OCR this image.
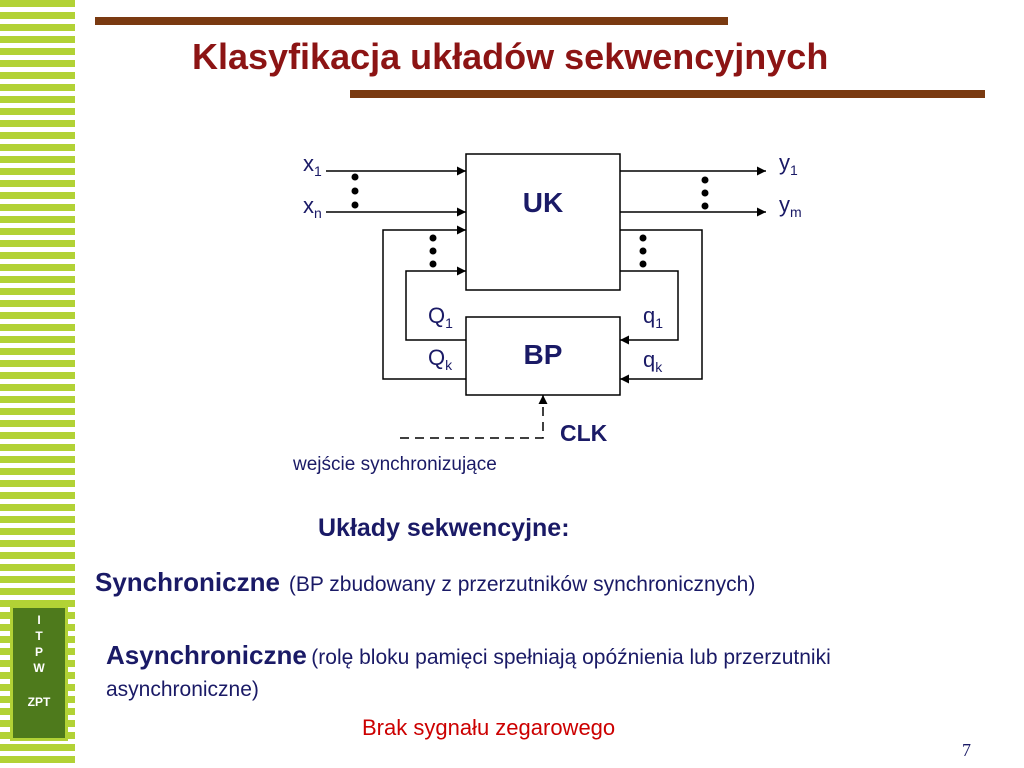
I
T
P
W
ZPT
Klasyfikacja układów sekwencyjnych
UK
BP
CLK
wejście synchronizujące
$x_1$
$x_n$
$y_1$
$y_m$
$Q_1$
$Q_k$
$q_1$
$q_k$
Układy sekwencyjne:
Synchroniczne (BP zbudowany z przerzutników synchronicznych)
Asynchroniczne (rolę bloku pamięci spełniają opóźnienia lub przerzutniki asynchroniczne)
Brak sygnału zegarowego
7
